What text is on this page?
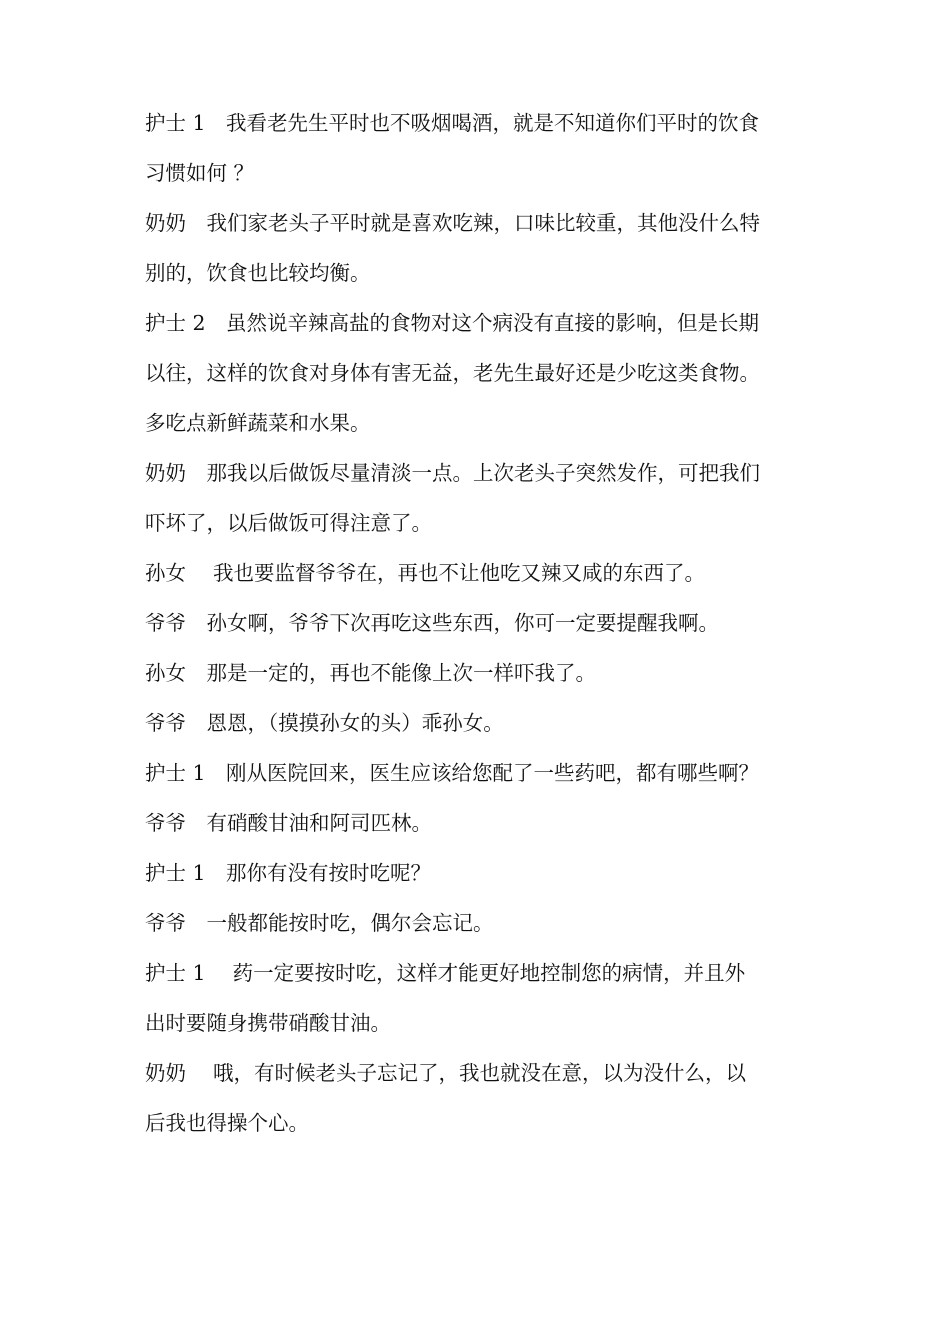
护士 1　我看老先生平时也不吸烟喝酒，就是不知道你们平时的饮食
习惯如何 ？
奶奶　我们家老头子平时就是喜欢吃辣，口味比较重，其他没什么特
别的，饮食也比较均衡。
护士 2　虽然说辛辣高盐的食物对这个病没有直接的影响，但是长期
以往，这样的饮食对身体有害无益，老先生最好还是少吃这类食物。
多吃点新鲜蔬菜和水果。
奶奶　那我以后做饭尽量清淡一点。上次老头子突然发作，可把我们
吓坏了，以后做饭可得注意了。
孙女　 我也要监督爷爷在，再也不让他吃又辣又咸的东西了。
爷爷　孙女啊，爷爷下次再吃这些东西，你可一定要提醒我啊。
孙女　那是一定的，再也不能像上次一样吓我了。
爷爷　恩恩，（摸摸孙女的头）乖孙女。
护士 1　刚从医院回来，医生应该给您配了一些药吧，都有哪些啊？
爷爷　有硝酸甘油和阿司匹林。
护士 1　那你有没有按时吃呢？
爷爷　一般都能按时吃，偶尔会忘记。
护士 1　 药一定要按时吃，这样才能更好地控制您的病情，并且外
出时要随身携带硝酸甘油。
奶奶　 哦，有时候老头子忘记了，我也就没在意，以为没什么，以
后我也得操个心。
